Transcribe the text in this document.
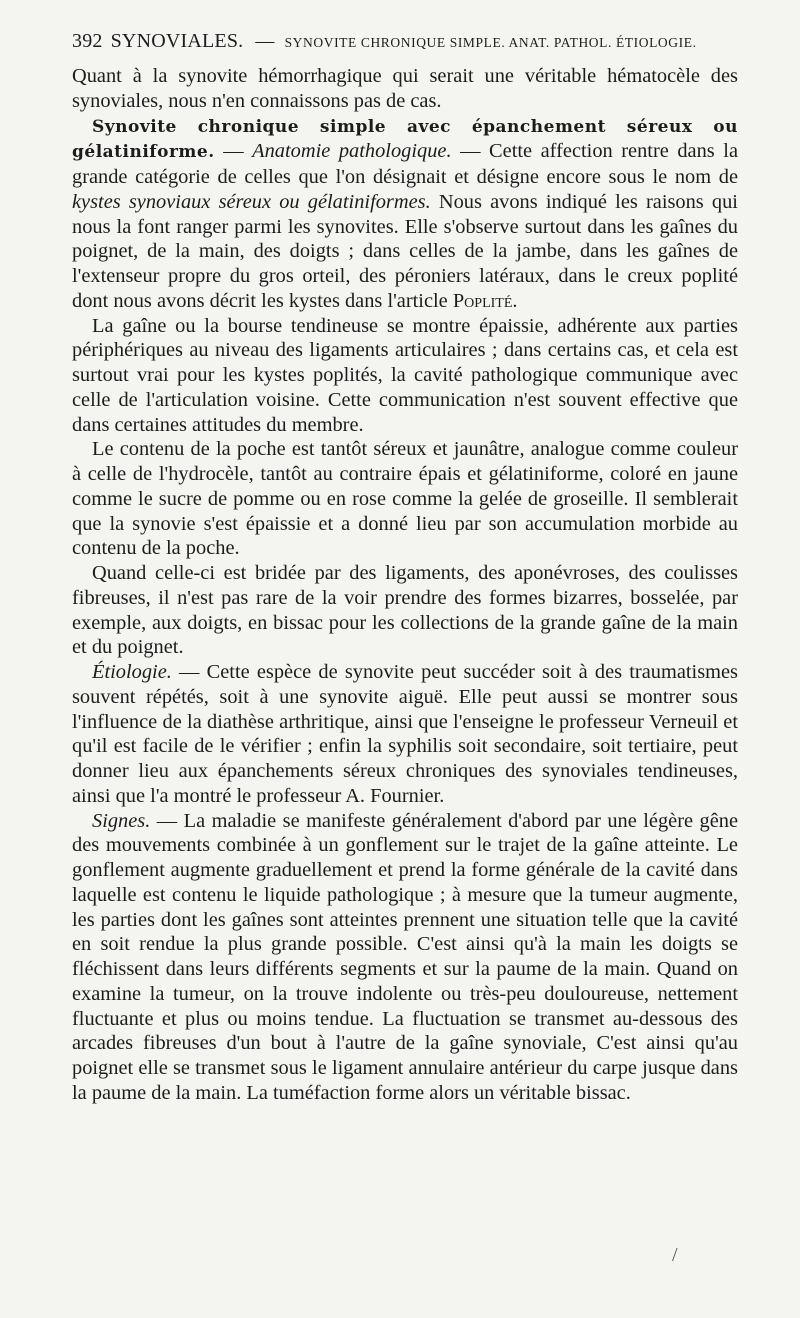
392 SYNOVIALES. — SYNOVITE CHRONIQUE SIMPLE. ANAT. PATHOL. ÉTIOLOGIE.

Quant à la synovite hémorrhagique qui serait une véritable hématocèle des synoviales, nous n'en connaissons pas de cas.

Synovite chronique simple avec épanchement séreux ou gélatiniforme. — Anatomie pathologique. — Cette affection rentre dans la grande catégorie de celles que l'on désignait et désigne encore sous le nom de kystes synoviaux séreux ou gélatiniformes. Nous avons indiqué les raisons qui nous la font ranger parmi les synovites. Elle s'observe surtout dans les gaînes du poignet, de la main, des doigts ; dans celles de la jambe, dans les gaînes de l'extenseur propre du gros orteil, des péroniers latéraux, dans le creux poplité dont nous avons décrit les kystes dans l'article Poplité.

La gaîne ou la bourse tendineuse se montre épaissie, adhérente aux parties périphériques au niveau des ligaments articulaires ; dans certains cas, et cela est surtout vrai pour les kystes poplités, la cavité pathologique communique avec celle de l'articulation voisine. Cette communication n'est souvent effective que dans certaines attitudes du membre.

Le contenu de la poche est tantôt séreux et jaunâtre, analogue comme couleur à celle de l'hydrocèle, tantôt au contraire épais et gélatiniforme, coloré en jaune comme le sucre de pomme ou en rose comme la gelée de groseille. Il semblerait que la synovie s'est épaissie et a donné lieu par son accumulation morbide au contenu de la poche.

Quand celle-ci est bridée par des ligaments, des aponévroses, des coulisses fibreuses, il n'est pas rare de la voir prendre des formes bizarres, bosselée, par exemple, aux doigts, en bissac pour les collections de la grande gaîne de la main et du poignet.

Étiologie. — Cette espèce de synovite peut succéder soit à des traumatismes souvent répétés, soit à une synovite aiguë. Elle peut aussi se montrer sous l'influence de la diathèse arthritique, ainsi que l'enseigne le professeur Verneuil et qu'il est facile de le vérifier ; enfin la syphilis soit secondaire, soit tertiaire, peut donner lieu aux épanchements séreux chroniques des synoviales tendineuses, ainsi que l'a montré le professeur A. Fournier.

Signes. — La maladie se manifeste généralement d'abord par une légère gêne des mouvements combinée à un gonflement sur le trajet de la gaîne atteinte. Le gonflement augmente graduellement et prend la forme générale de la cavité dans laquelle est contenu le liquide pathologique ; à mesure que la tumeur augmente, les parties dont les gaînes sont atteintes prennent une situation telle que la cavité en soit rendue la plus grande possible. C'est ainsi qu'à la main les doigts se fléchissent dans leurs différents segments et sur la paume de la main. Quand on examine la tumeur, on la trouve indolente ou très-peu douloureuse, nettement fluctuante et plus ou moins tendue. La fluctuation se transmet au-dessous des arcades fibreuses d'un bout à l'autre de la gaîne synoviale, C'est ainsi qu'au poignet elle se transmet sous le ligament annulaire antérieur du carpe jusque dans la paume de la main. La tuméfaction forme alors un véritable bissac.

/
